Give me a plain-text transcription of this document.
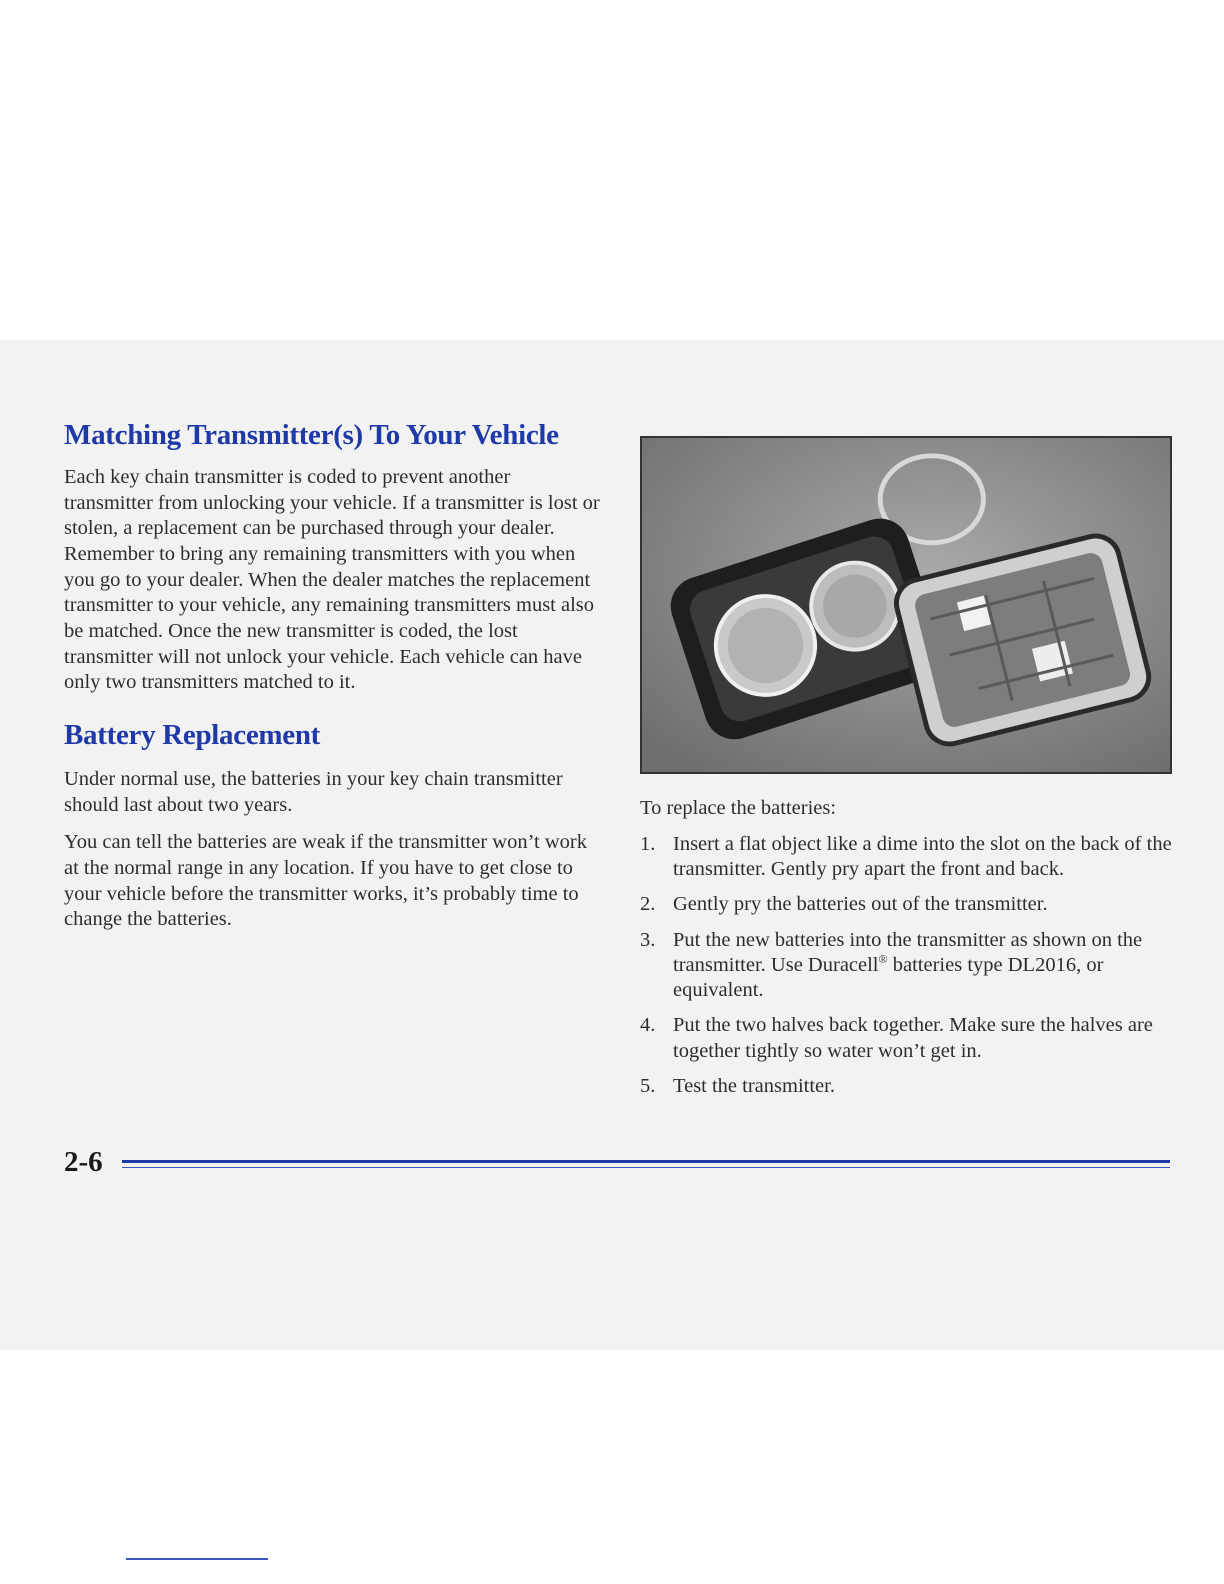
Matching Transmitter(s) To Your Vehicle

Each key chain transmitter is coded to prevent another transmitter from unlocking your vehicle. If a transmitter is lost or stolen, a replacement can be purchased through your dealer. Remember to bring any remaining transmitters with you when you go to your dealer. When the dealer matches the replacement transmitter to your vehicle, any remaining transmitters must also be matched. Once the new transmitter is coded, the lost transmitter will not unlock your vehicle. Each vehicle can have only two transmitters matched to it.

Battery Replacement

Under normal use, the batteries in your key chain transmitter should last about two years.

You can tell the batteries are weak if the transmitter won’t work at the normal range in any location. If you have to get close to your vehicle before the transmitter works, it’s probably time to change the batteries.

To replace the batteries:

1. Insert a flat object like a dime into the slot on the back of the transmitter. Gently pry apart the front and back.
2. Gently pry the batteries out of the transmitter.
3. Put the new batteries into the transmitter as shown on the transmitter. Use Duracell® batteries type DL2016, or equivalent.
4. Put the two halves back together. Make sure the halves are together tightly so water won’t get in.
5. Test the transmitter.
2-6
